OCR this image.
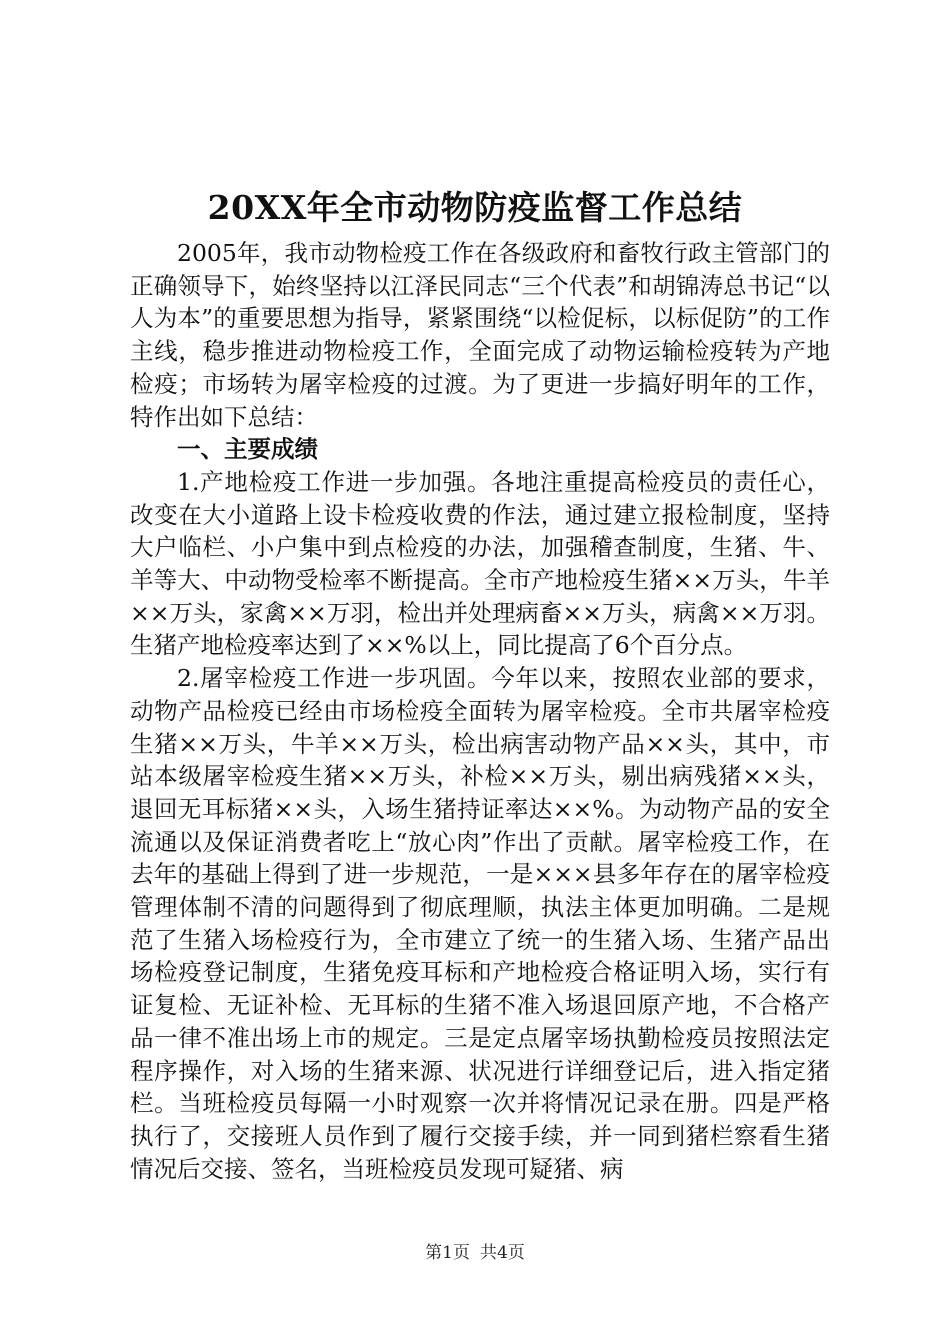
20XX年全市动物防疫监督工作总结

2005年，我市动物检疫工作在各级政府和畜牧行政主管部门的正确领导下，始终坚持以江泽民同志“三个代表”和胡锦涛总书记“以人为本”的重要思想为指导，紧紧围绕“以检促标，以标促防”的工作主线，稳步推进动物检疫工作，全面完成了动物运输检疫转为产地检疫；市场转为屠宰检疫的过渡。为了更进一步搞好明年的工作，特作出如下总结：

一、主要成绩

1.产地检疫工作进一步加强。各地注重提高检疫员的责任心，改变在大小道路上设卡检疫收费的作法，通过建立报检制度，坚持大户临栏、小户集中到点检疫的办法，加强稽查制度，生猪、牛、羊等大、中动物受检率不断提高。全市产地检疫生猪××万头，牛羊××万头，家禽××万羽，检出并处理病畜××万头，病禽××万羽。生猪产地检疫率达到了××%以上，同比提高了6个百分点。

2.屠宰检疫工作进一步巩固。今年以来，按照农业部的要求，动物产品检疫已经由市场检疫全面转为屠宰检疫。全市共屠宰检疫生猪××万头，牛羊××万头，检出病害动物产品××头，其中，市站本级屠宰检疫生猪××万头，补检××万头，剔出病残猪××头，退回无耳标猪××头，入场生猪持证率达××%。为动物产品的安全流通以及保证消费者吃上“放心肉”作出了贡献。屠宰检疫工作，在去年的基础上得到了进一步规范，一是×××县多年存在的屠宰检疫管理体制不清的问题得到了彻底理顺，执法主体更加明确。二是规范了生猪入场检疫行为，全市建立了统一的生猪入场、生猪产品出场检疫登记制度，生猪免疫耳标和产地检疫合格证明入场，实行有证复检、无证补检、无耳标的生猪不准入场退回原产地，不合格产品一律不准出场上市的规定。三是定点屠宰场执勤检疫员按照法定程序操作，对入场的生猪来源、状况进行详细登记后，进入指定猪栏。当班检疫员每隔一小时观察一次并将情况记录在册。四是严格执行了，交接班人员作到了履行交接手续，并一同到猪栏察看生猪情况后交接、签名，当班检疫员发现可疑猪、病

第1页 共4页
